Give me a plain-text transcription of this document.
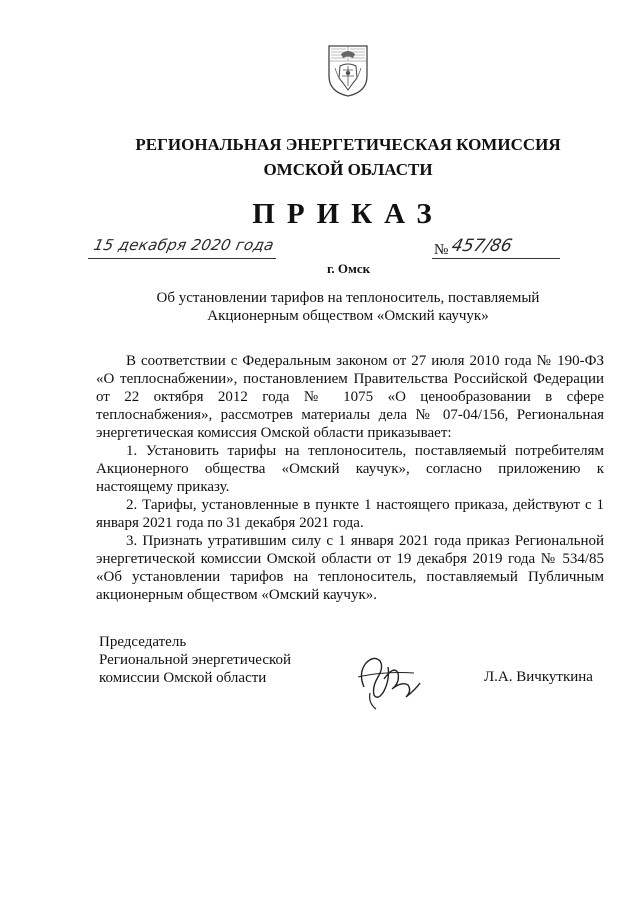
РЕГИОНАЛЬНАЯ ЭНЕРГЕТИЧЕСКАЯ КОМИССИЯ
ОМСКОЙ ОБЛАСТИ
ПРИКАЗ
15 декабря 2020 года	№ 457/86
г. Омск
Об установлении тарифов на теплоноситель, поставляемый
Акционерным обществом «Омский каучук»

В соответствии с Федеральным законом от 27 июля 2010 года № 190-ФЗ «О теплоснабжении», постановлением Правительства Российской Федерации от 22 октября 2012 года № 1075 «О ценообразовании в сфере теплоснабжения», рассмотрев материалы дела № 07-04/156, Региональная энергетическая комиссия Омской области приказывает:

1. Установить тарифы на теплоноситель, поставляемый потребителям Акционерного общества «Омский каучук», согласно приложению к настоящему приказу.

2. Тарифы, установленные в пункте 1 настоящего приказа, действуют с 1 января 2021 года по 31 декабря 2021 года.

3. Признать утратившим силу с 1 января 2021 года приказ Региональной энергетической комиссии Омской области от 19 декабря 2019 года № 534/85 «Об установлении тарифов на теплоноситель, поставляемый Публичным акционерным обществом «Омский каучук».

Председатель
Региональной энергетической
комиссии Омской области	Л.А. Вичкуткина
